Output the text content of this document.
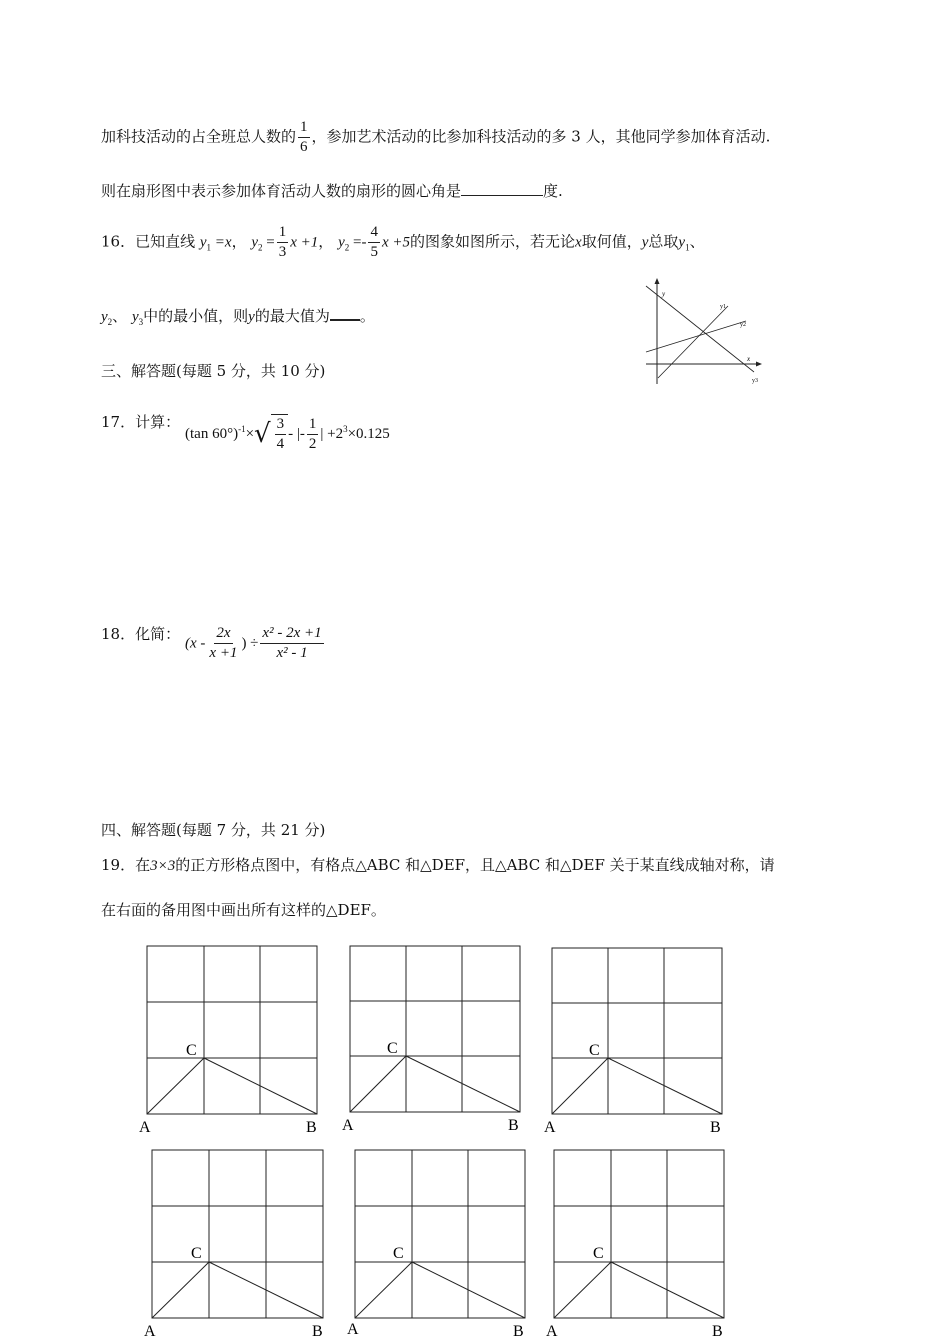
加科技活动的占全班总人数的 $\frac{1}{6}$ ，参加艺术活动的比参加科技活动的多 3 人，其他同学参加体育活动.
则在扇形图中表示参加体育活动人数的扇形的圆心角是	度.
16．已知直线 $y_1 =x$， $y_2 = \frac{1}{3}$ x +1， $y_2 =- \frac{4}{5}$ x +5的图象如图所示，若无论x取何值，y总取$y_1$、
$y_2$、 $y_3$中的最小值，则y的最大值为 。
y
x
y1
y2
y3
三、解答题(每题 5 分，共 10 分)
17．计算：
(tan 60°)$^{-1}$× √ $\frac{3}{4}$ - |- $\frac{1}{2}$ | $+2^3\times 0.125$
18．化简：
($x - \frac{2x}{x +1}$ ) ÷ $\frac{\text{x² - 2x +1}}{\text{x² - 1}}$
四、解答题(每题 7 分，共 21 分)
19．在3×3的正方形格点图中，有格点△ABC 和△DEF，且△ABC 和△DEF 关于某直线成轴对称，请
在右面的备用图中画出所有这样的△DEF。
C
A	B
C
A	B
C
A	B
C
A	B
C
A	B
C
A	B
